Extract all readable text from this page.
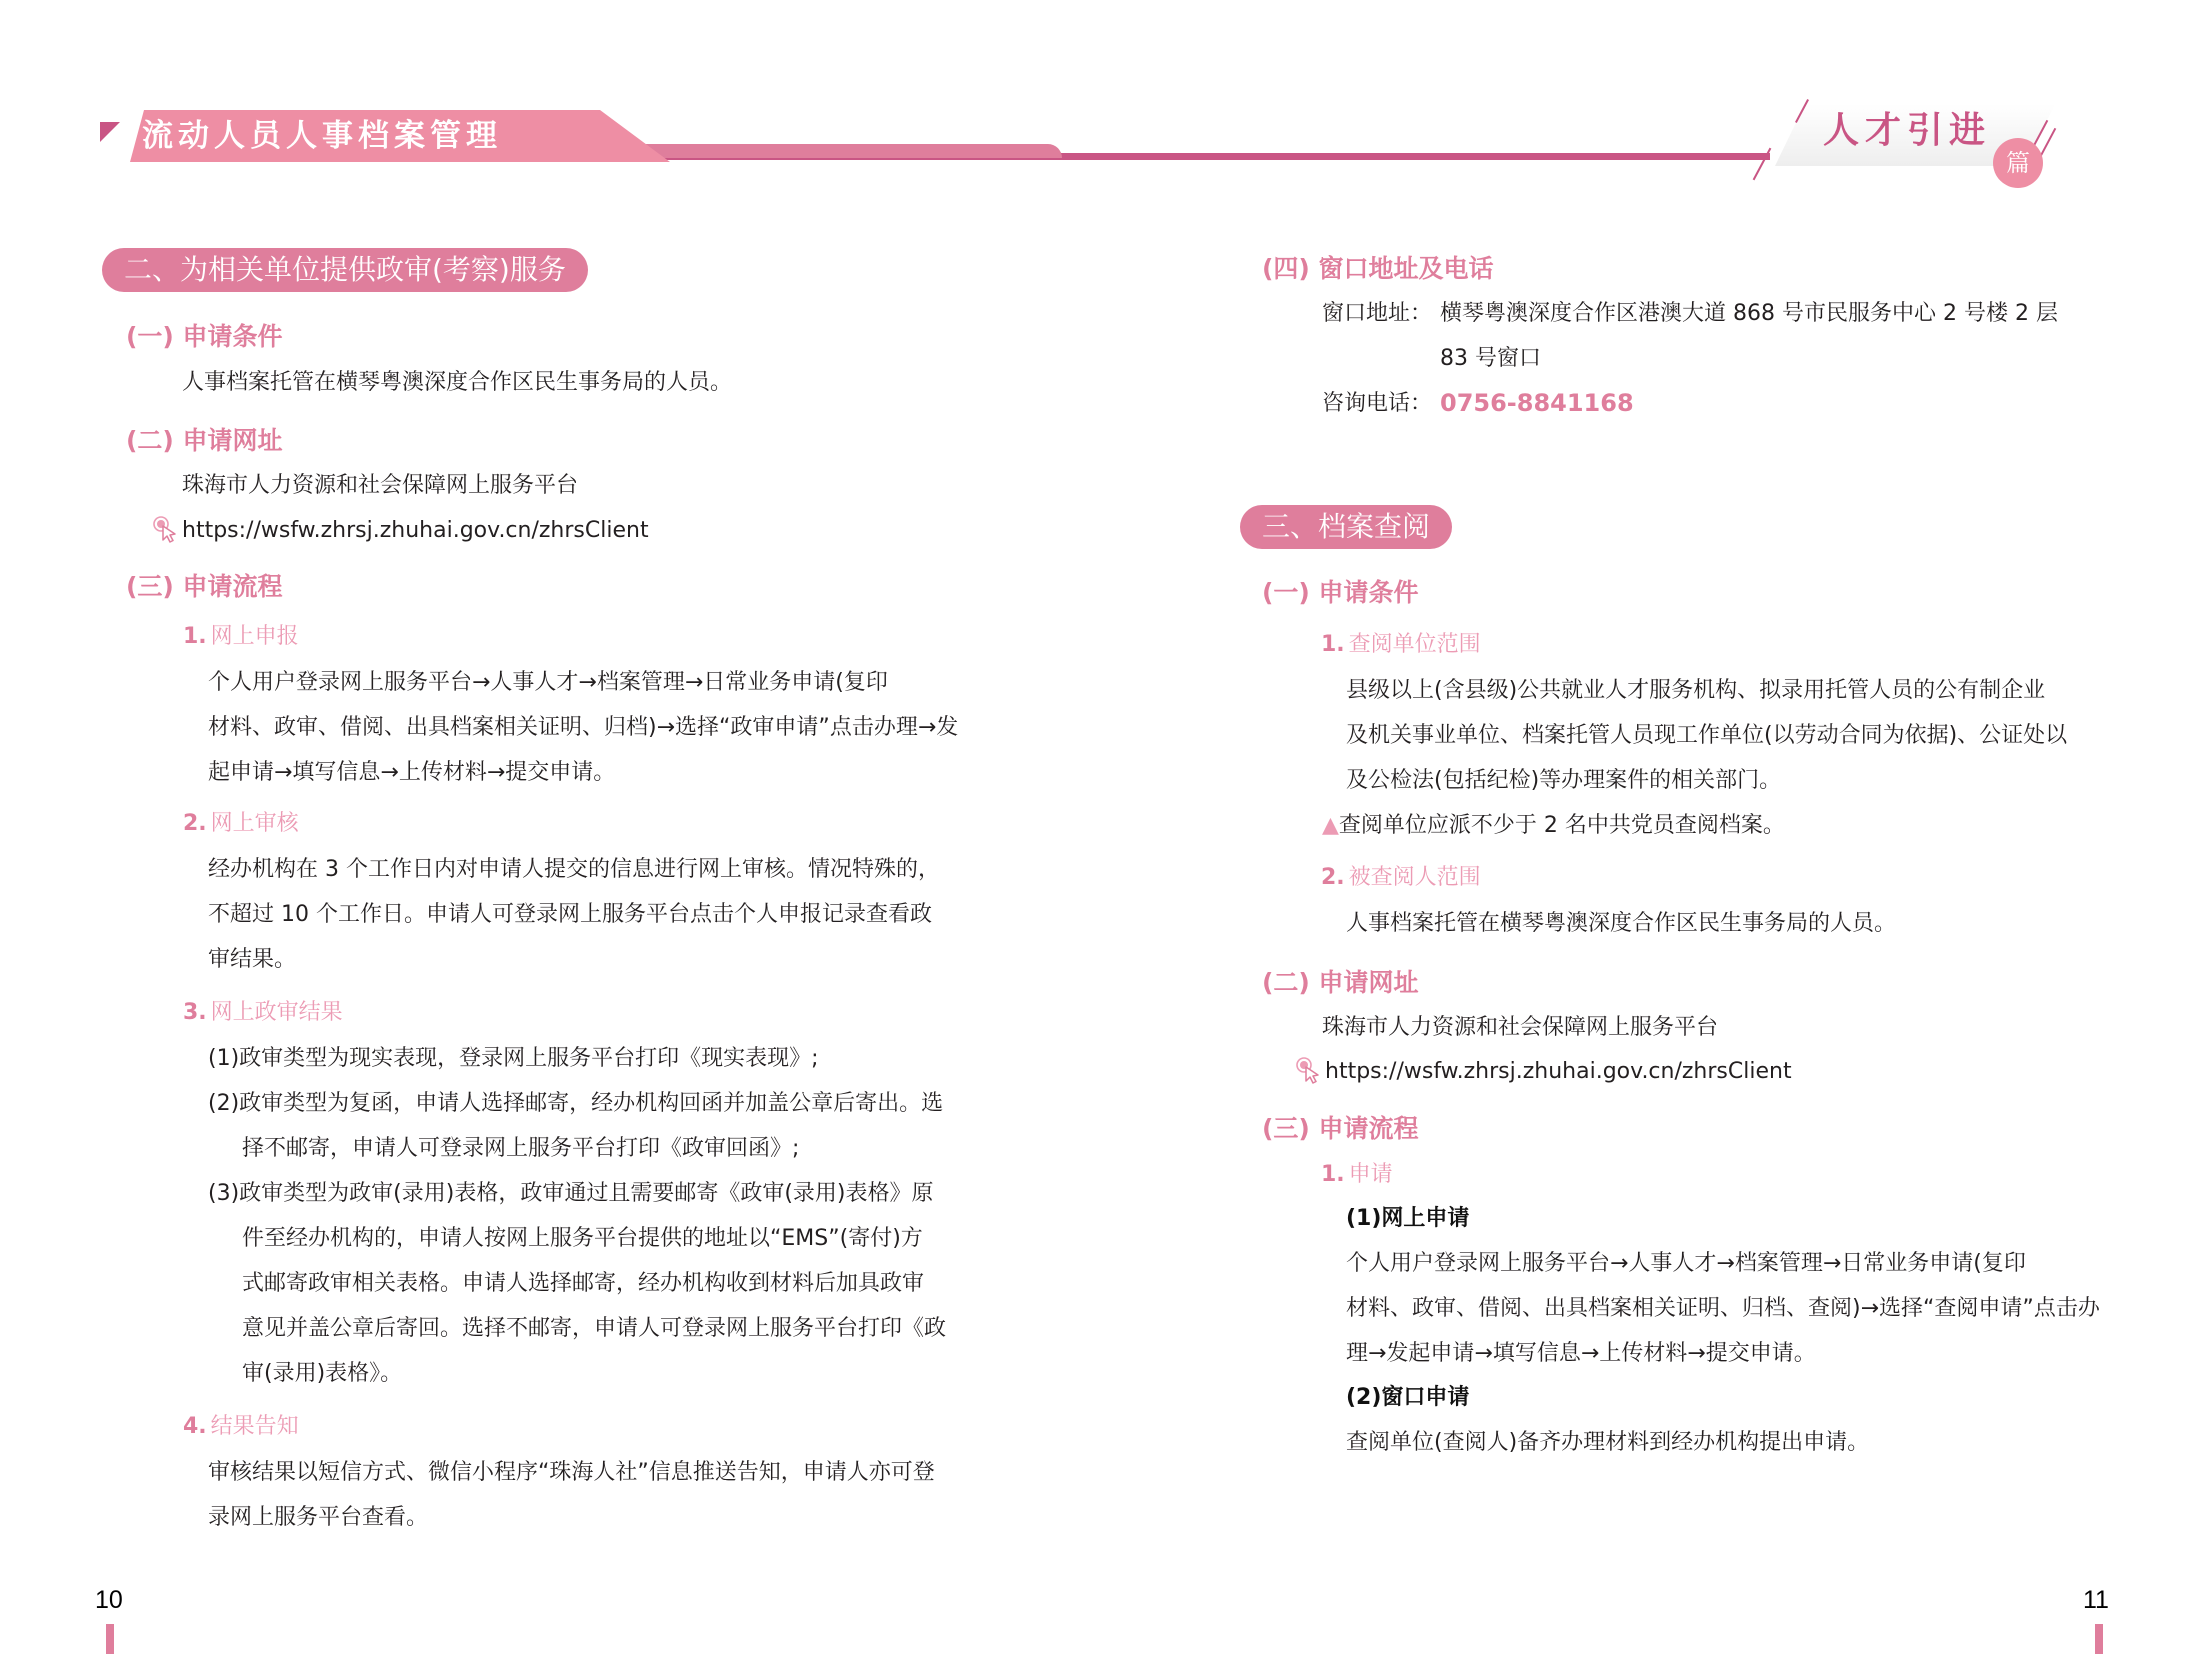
流动人员人事档案管理	人才引进
篇
二、为相关单位提供政审(考察)服务
(一) 申请条件
人事档案托管在横琴粤澳深度合作区民生事务局的人员。
(二) 申请网址
珠海市人力资源和社会保障网上服务平台
https://wsfw.zhrsj.zhuhai.gov.cn/zhrsClient
(三) 申请流程
1. 网上申报
个人用户登录网上服务平台→人事人才→档案管理→日常业务申请(复印
材料、政审、借阅、出具档案相关证明、归档)→选择“政审申请”点击办理→发
起申请→填写信息→上传材料→提交申请。
2. 网上审核
经办机构在 3 个工作日内对申请人提交的信息进行网上审核。情况特殊的，
不超过 10 个工作日。申请人可登录网上服务平台点击个人申报记录查看政
审结果。
3. 网上政审结果
(1)政审类型为现实表现，登录网上服务平台打印《现实表现》;
(2)政审类型为复函，申请人选择邮寄，经办机构回函并加盖公章后寄出。选
择不邮寄，申请人可登录网上服务平台打印《政审回函》;
(3)政审类型为政审(录用)表格，政审通过且需要邮寄《政审(录用)表格》原
件至经办机构的，申请人按网上服务平台提供的地址以“EMS”(寄付)方
式邮寄政审相关表格。申请人选择邮寄，经办机构收到材料后加具政审
意见并盖公章后寄回。选择不邮寄，申请人可登录网上服务平台打印《政
审(录用)表格》。
4. 结果告知
审核结果以短信方式、微信小程序“珠海人社”信息推送告知，申请人亦可登
录网上服务平台查看。
10
(四) 窗口地址及电话
窗口地址： 横琴粤澳深度合作区港澳大道 868 号市民服务中心 2 号楼 2 层
83 号窗口
咨询电话： 0756-8841168
三、档案查阅
(一) 申请条件
1. 查阅单位范围
县级以上(含县级)公共就业人才服务机构、拟录用托管人员的公有制企业
及机关事业单位、档案托管人员现工作单位(以劳动合同为依据)、公证处以
及公检法(包括纪检)等办理案件的相关部门。
▲查阅单位应派不少于 2 名中共党员查阅档案。
2. 被查阅人范围
人事档案托管在横琴粤澳深度合作区民生事务局的人员。
(二) 申请网址
珠海市人力资源和社会保障网上服务平台
https://wsfw.zhrsj.zhuhai.gov.cn/zhrsClient
(三) 申请流程
1. 申请
(1)网上申请
个人用户登录网上服务平台→人事人才→档案管理→日常业务申请(复印
材料、政审、借阅、出具档案相关证明、归档、查阅)→选择“查阅申请”点击办
理→发起申请→填写信息→上传材料→提交申请。
(2)窗口申请
查阅单位(查阅人)备齐办理材料到经办机构提出申请。
11
